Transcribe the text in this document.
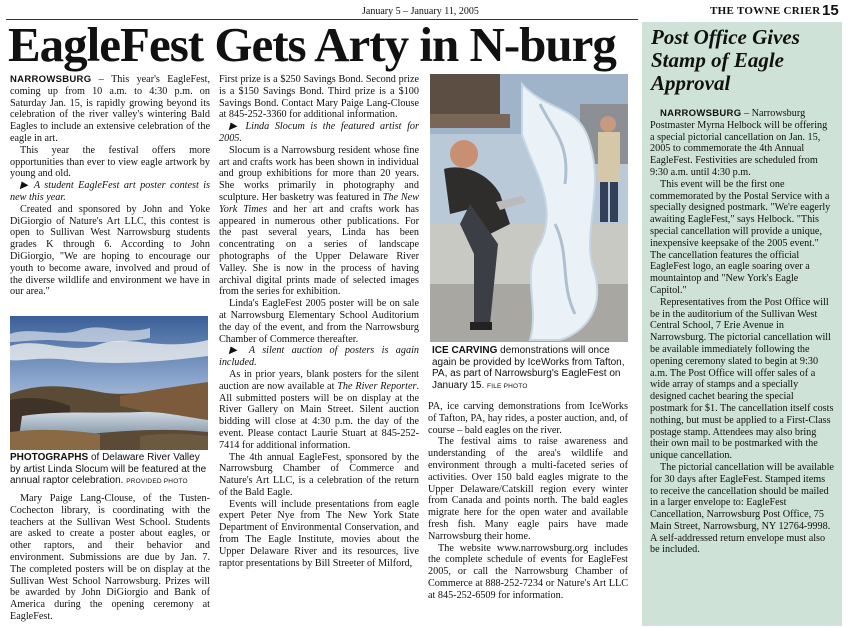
January 5 – January 11, 2005	THE TOWNE CRIER 15
EagleFest Gets Arty in N-burg

NARROWSBURG – This year's EagleFest, coming up from 10 a.m. to 4:30 p.m. on Saturday Jan. 15, is rapidly growing beyond its celebration of the river valley's wintering Bald Eagles to include an extensive celebration of the eagle in art.

This year the festival offers more opportunities than ever to view eagle artwork by young and old.

▶ A student EagleFest art poster contest is new this year.

Created and sponsored by John and Yoke DiGiorgio of Nature's Art LLC, this contest is open to Sullivan West Narrowsburg students grades K through 6. According to John DiGiorgio, "We are hoping to encourage our youth to become aware, involved and proud of the diverse wildlife and environment we have in our area."

PHOTOGRAPHS of Delaware River Valley by artist Linda Slocum will be featured at the annual raptor celebration. PROVIDED PHOTO

Mary Paige Lang-Clouse, of the Tusten-Cochecton library, is coordinating with the teachers at the Sullivan West School. Students are asked to create a poster about eagles, or other raptors, and their behavior and environment. Submissions are due by Jan. 7. The completed posters will be on display at the Sullivan West School Narrowsburg. Prizes will be awarded by John DiGiorgio and Bank of America during the opening ceremony at EagleFest.

First prize is a $250 Savings Bond. Second prize is a $150 Savings Bond. Third prize is a $100 Savings Bond. Contact Mary Paige Lang-Clouse at 845-252-3360 for additional information.

▶ Linda Slocum is the featured artist for 2005.

Slocum is a Narrowsburg resident whose fine art and crafts work has been shown in individual and group exhibitions for more than 20 years. She works primarily in photography and sculpture. Her basketry was featured in The New York Times and her art and crafts work has appeared in numerous other publications. For the past several years, Linda has been concentrating on a series of landscape photographs of the Upper Delaware River Valley. She is now in the process of having archival digital prints made of selected images from the series for exhibition.

Linda's EagleFest 2005 poster will be on sale at Narrowsburg Elementary School Auditorium the day of the event, and from the Narrowsburg Chamber of Commerce thereafter.

▶ A silent auction of posters is again included.

As in prior years, blank posters for the silent auction are now available at The River Reporter. All submitted posters will be on display at the River Gallery on Main Street. Silent auction bidding will close at 4:30 p.m. the day of the event. Please contact Laurie Stuart at 845-252-7414 for additional information.

The 4th annual EagleFest, sponsored by the Narrowsburg Chamber of Commerce and Nature's Art LLC, is a celebration of the return of the Bald Eagle.

Events will include presentations from eagle expert Peter Nye from The New York State Department of Environmental Conservation, and from The Eagle Institute, movies about the Upper Delaware River and its resources, live raptor presentations by Bill Streeter of Milford,

ICE CARVING demonstrations will once again be provided by IceWorks from Tafton, PA, as part of Narrowsburg's EagleFest on January 15. FILE PHOTO

PA, ice carving demonstrations from IceWorks of Tafton, PA, hay rides, a poster auction, and, of course – bald eagles on the river.

The festival aims to raise awareness and understanding of the area's wildlife and environment through a multi-faceted series of activities. Over 150 bald eagles migrate to the Upper Delaware/Catskill region every winter from Canada and points north. The bald eagles migrate here for the open water and available fresh fish. Many eagle pairs have made Narrowsburg their home.

The website www.narrowsburg.org includes the complete schedule of events for EagleFest 2005, or call the Narrowsburg Chamber of Commerce at 888-252-7234 or Nature's Art LLC at 845-252-6509 for information.

Post Office Gives Stamp of Eagle Approval

NARROWSBURG – Narrowsburg Postmaster Myrna Helbock will be offering a special pictorial cancellation on Jan. 15, 2005 to commemorate the 4th Annual EagleFest. Festivities are scheduled from 9:30 a.m. until 4:30 p.m.

This event will be the first one commemorated by the Postal Service with a specially designed postmark. "We're eagerly awaiting EagleFest," says Helbock. "This special cancellation will provide a unique, inexpensive keepsake of the 2005 event." The cancellation features the official EagleFest logo, an eagle soaring over a mountaintop and "New York's Eagle Capitol."

Representatives from the Post Office will be in the auditorium of the Sullivan West Central School, 7 Erie Avenue in Narrowsburg. The pictorial cancellation will be available immediately following the opening ceremony slated to begin at 9:30 a.m. The Post Office will offer sales of a wide array of stamps and a specially designed cachet bearing the special postmark for $1. The cancellation itself costs nothing, but must be applied to a First-Class postage stamp. Attendees may also bring their own mail to be postmarked with the unique cancellation.

The pictorial cancellation will be available for 30 days after EagleFest. Stamped items to receive the cancellation should be mailed in a larger envelope to: EagleFest Cancellation, Narrowsburg Post Office, 75 Main Street, Narrowsburg, NY 12764-9998. A self-addressed return envelope must also be included.
